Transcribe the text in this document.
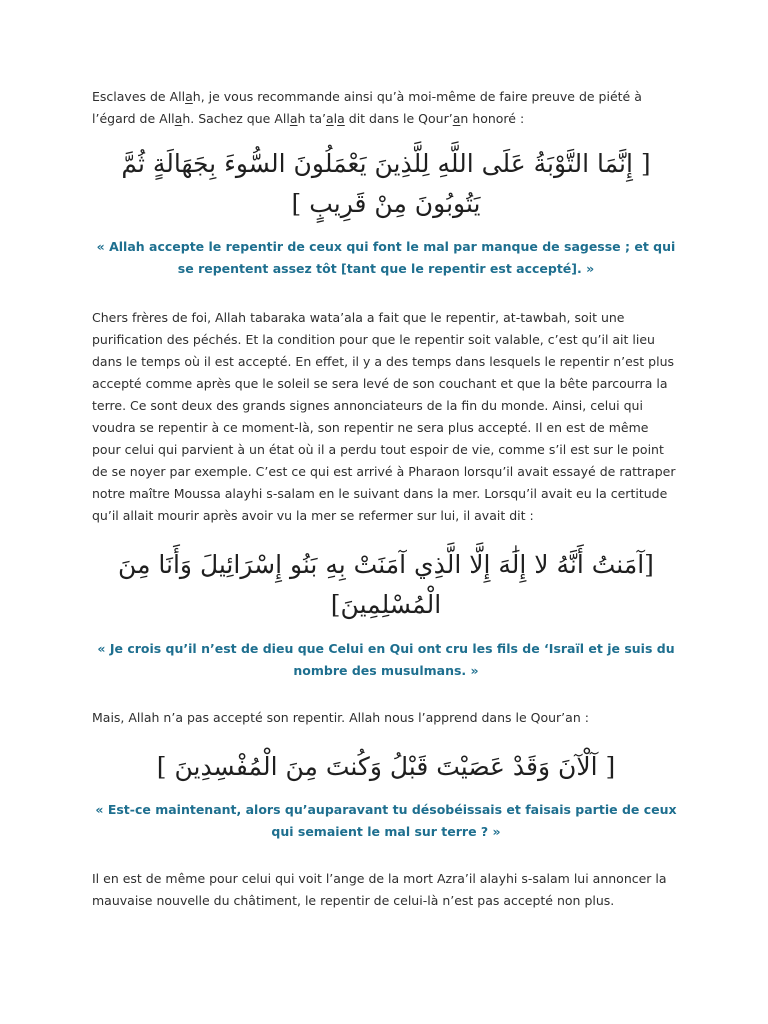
Esclaves de Allah, je vous recommande ainsi qu’à moi-même de faire preuve de piété à l’égard de Allah. Sachez que Allah ta’ala dit dans le Qour’an honoré :

[ إِنَّمَا التَّوْبَةُ عَلَى اللَّهِ لِلَّذِينَ يَعْمَلُونَ السُّوءَ بِجَهَالَةٍ ثُمَّ يَتُوبُونَ مِنْ قَرِيبٍ ]

« Allah accepte le repentir de ceux qui font le mal par manque de sagesse ; et qui se repentent assez tôt [tant que le repentir est accepté]. »

Chers frères de foi, Allah tabaraka wata’ala a fait que le repentir, at-tawbah, soit une purification des péchés. Et la condition pour que le repentir soit valable, c’est qu’il ait lieu dans le temps où il est accepté. En effet, il y a des temps dans lesquels le repentir n’est plus accepté comme après que le soleil se sera levé de son couchant et que la bête parcourra la terre. Ce sont deux des grands signes annonciateurs de la fin du monde. Ainsi, celui qui voudra se repentir à ce moment-là, son repentir ne sera plus accepté. Il en est de même pour celui qui parvient à un état où il a perdu tout espoir de vie, comme s’il est sur le point de se noyer par exemple. C’est ce qui est arrivé à Pharaon lorsqu’il avait essayé de rattraper notre maître Moussa alayhi s-salam en le suivant dans la mer. Lorsqu’il avait eu la certitude qu’il allait mourir après avoir vu la mer se refermer sur lui, il avait dit :

[آمَنتُ أَنَّهُ لا إِلَٰهَ إِلَّا الَّذِي آمَنَتْ بِهِ بَنُو إِسْرَائِيلَ وَأَنَا مِنَ الْمُسْلِمِينَ]

« Je crois qu’il n’est de dieu que Celui en Qui ont cru les fils de ‘Israïl et je suis du nombre des musulmans. »

Mais, Allah n’a pas accepté son repentir. Allah nous l’apprend dans le Qour’an :

[ آلْآنَ وَقَدْ عَصَيْتَ قَبْلُ وَكُنتَ مِنَ الْمُفْسِدِينَ ]

« Est-ce maintenant, alors qu’auparavant tu désobéissais et faisais partie de ceux qui semaient le mal sur terre ? »

Il en est de même pour celui qui voit l’ange de la mort Azra’il alayhi s-salam lui annoncer la mauvaise nouvelle du châtiment, le repentir de celui-là n’est pas accepté non plus.
